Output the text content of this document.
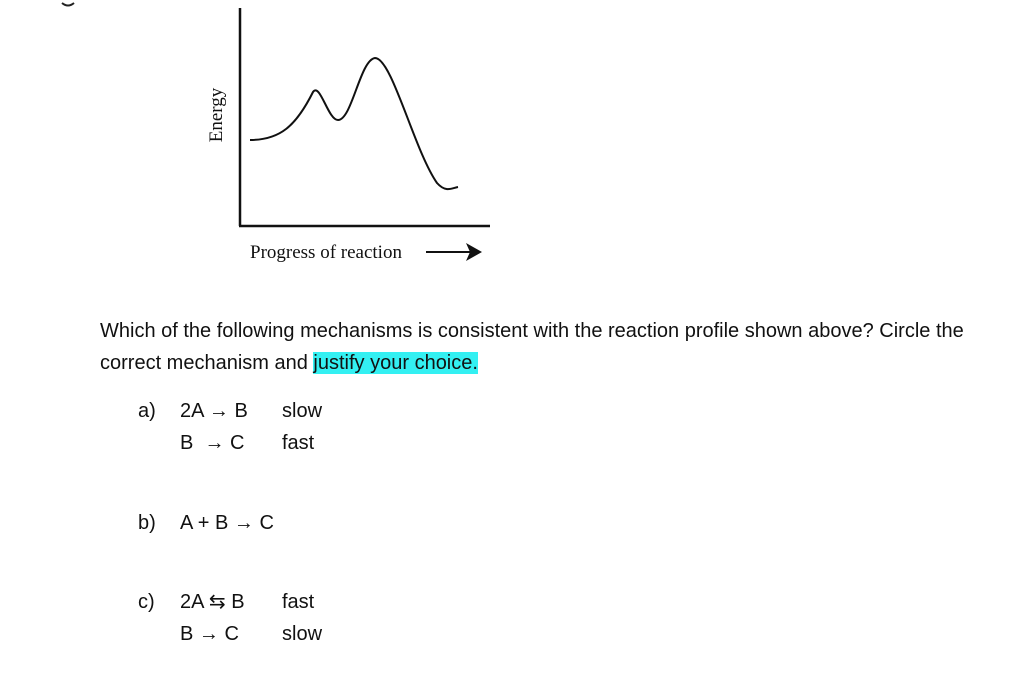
Energy
Progress of reaction
Which of the following mechanisms is consistent with the reaction profile shown above? Circle the correct mechanism and justify your choice.
a) 2A → B slow
B  → C fast
b) A + B → C
c) 2A ⇆ B fast
B → C slow
